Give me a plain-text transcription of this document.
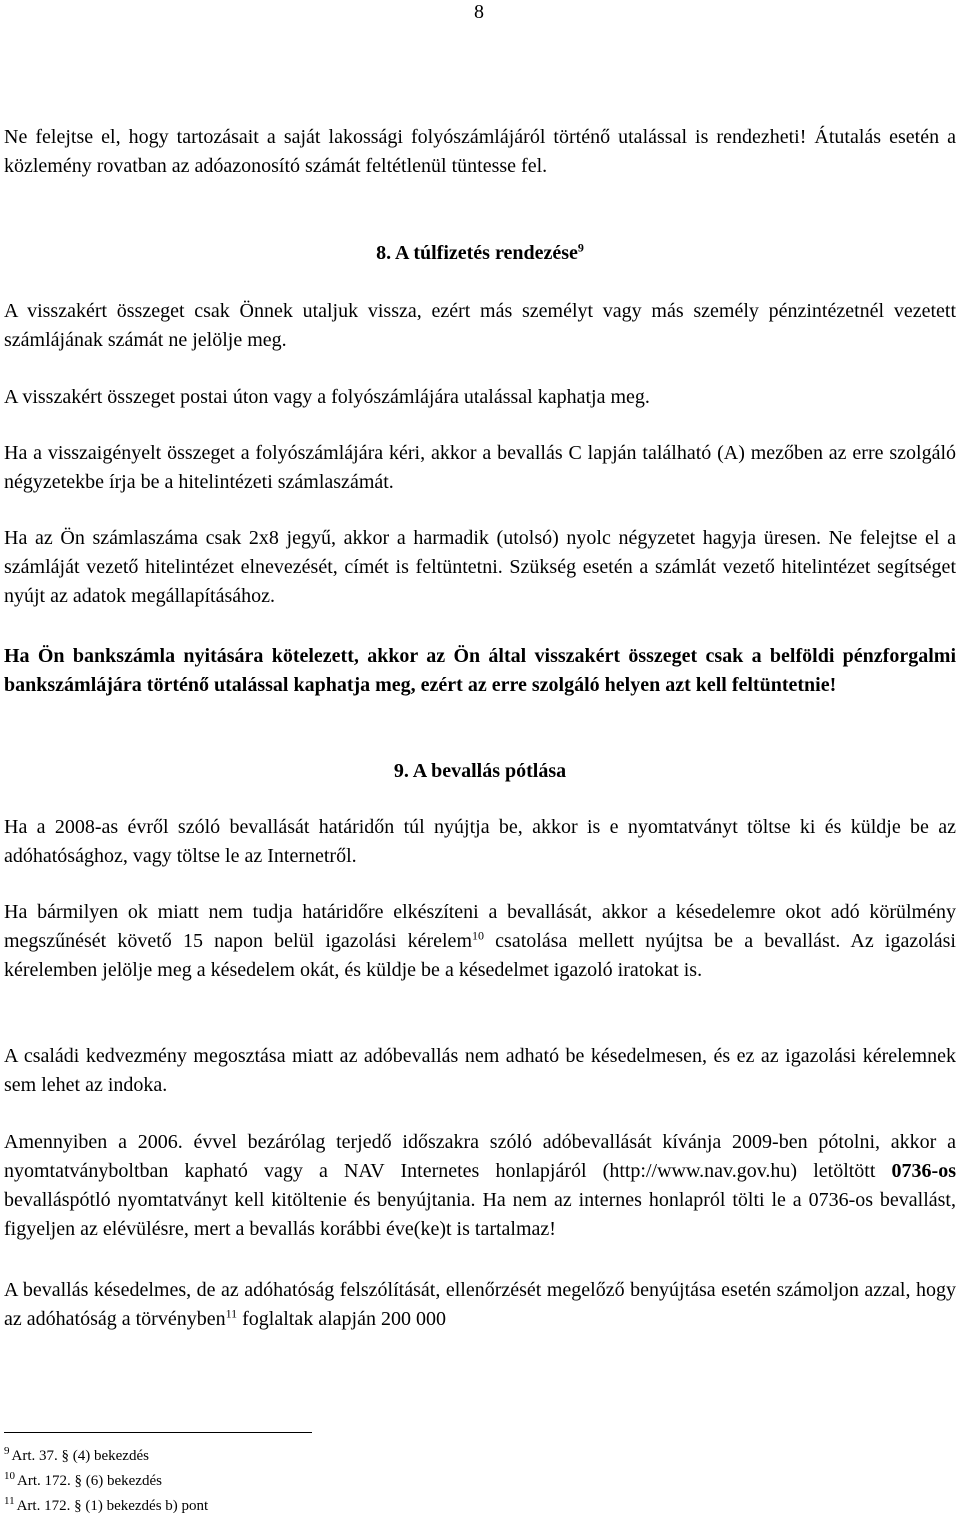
8

Ne felejtse el, hogy tartozásait a saját lakossági folyószámlájáról történő utalással is rendezheti! Átutalás esetén a közlemény rovatban az adóazonosító számát feltétlenül tüntesse fel.

8. A túlfizetés rendezése$^9$

A visszakért összeget csak Önnek utaljuk vissza, ezért más személyt vagy más személy pénzintézetnél vezetett számlájának számát ne jelölje meg.

A visszakért összeget postai úton vagy a folyószámlájára utalással kaphatja meg.

Ha a visszaigényelt összeget a folyószámlájára kéri, akkor a bevallás C lapján található (A) mezőben az erre szolgáló négyzetekbe írja be a hitelintézeti számlaszámát.

Ha az Ön számlaszáma csak 2x8 jegyű, akkor a harmadik (utolsó) nyolc négyzetet hagyja üresen. Ne felejtse el a számláját vezető hitelintézet elnevezését, címét is feltüntetni. Szükség esetén a számlát vezető hitelintézet segítséget nyújt az adatok megállapításához.

Ha Ön bankszámla nyitására kötelezett, akkor az Ön által visszakért összeget csak a belföldi pénzforgalmi bankszámlájára történő utalással kaphatja meg, ezért az erre szolgáló helyen azt kell feltüntetnie!

9. A bevallás pótlása

Ha a 2008-as évről szóló bevallását határidőn túl nyújtja be, akkor is e nyomtatványt töltse ki és küldje be az adóhatósághoz, vagy töltse le az Internetről.

Ha bármilyen ok miatt nem tudja határidőre elkészíteni a bevallását, akkor a késedelemre okot adó körülmény megszűnését követő 15 napon belül igazolási kérelem$^{10}$ csatolása mellett nyújtsa be a bevallást. Az igazolási kérelemben jelölje meg a késedelem okát, és küldje be a késedelmet igazoló iratokat is.

A családi kedvezmény megosztása miatt az adóbevallás nem adható be késedelmesen, és ez az igazolási kérelemnek sem lehet az indoka.

Amennyiben a 2006. évvel bezárólag terjedő időszakra szóló adóbevallását kívánja 2009-ben pótolni, akkor a nyomtatványboltban kapható vagy a NAV Internetes honlapjáról (http://www.nav.gov.hu) letöltött 0736-os bevalláspótló nyomtatványt kell kitöltenie és benyújtania. Ha nem az internes honlapról tölti le a 0736-os bevallást, figyeljen az elévülésre, mert a bevallás korábbi éve(ke)t is tartalmaz!

A bevallás késedelmes, de az adóhatóság felszólítását, ellenőrzését megelőző benyújtása esetén számoljon azzal, hogy az adóhatóság a törvényben$^{11}$ foglaltak alapján 200 000

$^9$ Art. 37. § (4) bekezdés
$^{10}$ Art. 172. § (6) bekezdés
$^{11}$ Art. 172. § (1) bekezdés b) pont
